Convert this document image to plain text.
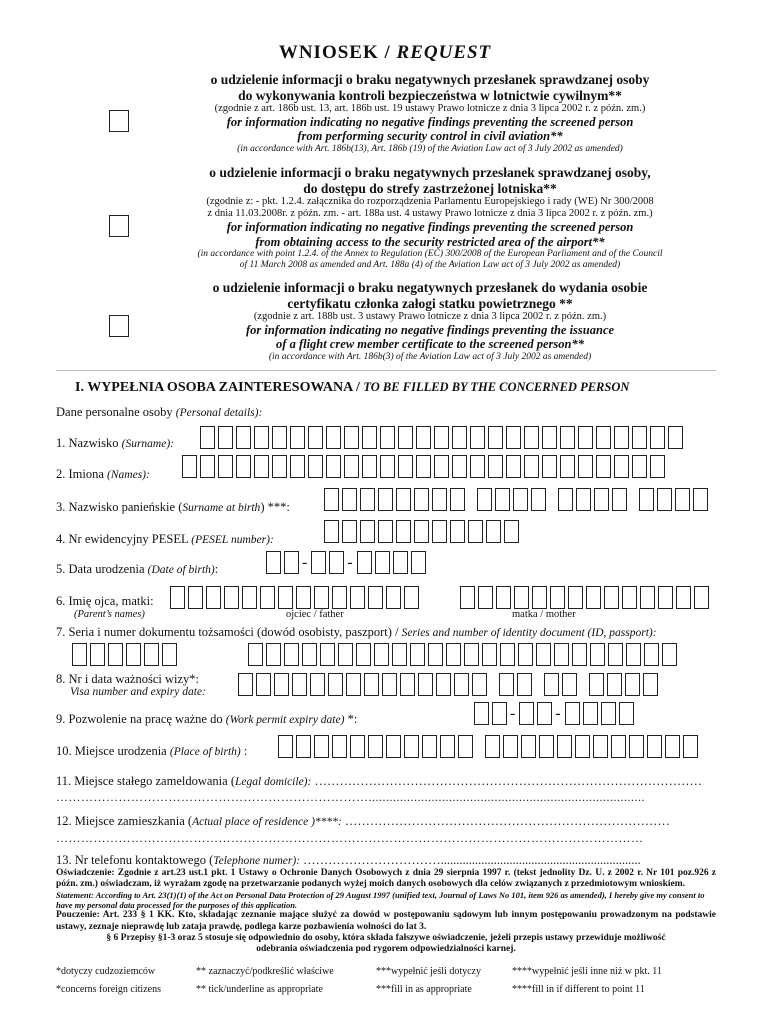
WNIOSEK / REQUEST
o udzielenie informacji o braku negatywnych przesłanek sprawdzanej osoby
do wykonywania kontroli bezpieczeństwa w lotnictwie cywilnym**
(zgodnie z art. 186b ust. 13, art. 186b ust. 19 ustawy Prawo lotnicze z dnia 3 lipca 2002 r. z późn. zm.)
for information indicating no negative findings preventing the screened person
from performing security control in civil aviation**
(in accordance with Art. 186b(13), Art. 186b (19) of the Aviation Law act of 3 July 2002 as amended)
o udzielenie informacji o braku negatywnych przesłanek sprawdzanej osoby,
do dostępu do strefy zastrzeżonej lotniska**
(zgodnie z: - pkt. 1.2.4. załącznika do rozporządzenia Parlamentu Europejskiego i rady (WE) Nr 300/2008
z dnia 11.03.2008r. z późn. zm. - art. 188a ust. 4 ustawy Prawo lotnicze z dnia 3 lipca 2002 r. z późn. zm.)
for information indicating no negative findings preventing the screened person
from obtaining access to the security restricted area of the airport**
(in accordance with point 1.2.4. of the Annex to Regulation (EC) 300/2008 of the European Parliament and of the Council
of 11 March 2008 as amended and Art. 188a (4) of the Aviation Law act of 3 July 2002 as amended)
o udzielenie informacji o braku negatywnych przesłanek do wydania osobie
certyfikatu członka załogi statku powietrznego **
(zgodnie z art. 188b ust. 3 ustawy Prawo lotnicze z dnia 3 lipca 2002 r. z późn. zm.)
for information indicating no negative findings preventing the issuance
of a flight crew member certificate to the screened person**
(in accordance with Art. 186b(3) of the Aviation Law act of 3 July 2002 as amended)
I. WYPEŁNIA OSOBA ZAINTERESOWANA / TO BE FILLED BY THE CONCERNED PERSON
Dane personalne osoby (Personal details):
1. Nazwisko (Surname):
2. Imiona (Names):
3. Nazwisko panieńskie (Surname at birth) ***:
4. Nr ewidencyjny PESEL (PESEL number):
5. Data urodzenia (Date of birth):	-	-
6. Imię ojca, matki:
(Parent’s names)	ojciec / father	matka / mother
7. Seria i numer dokumentu tożsamości (dowód osobisty, paszport) / Series and number of identity document (ID, passport):
8. Nr i data ważności wizy*:
Visa number and expiry date:
9. Pozwolenie na pracę ważne do (Work permit expiry date) *:	-	-
10. Miejsce urodzenia (Place of birth) :
11. Miejsce stałego zameldowania (Legal domicile): …………………………………………………………………………………
…………………………………………………………………...............................................................................
12. Miejsce zamieszkania (Actual place of residence )****: ……………………………………………………………………
……………………………………………………………………………………………………………………………
13. Nr telefonu kontaktowego (Telephone numer): ……………………………................................................................
Oświadczenie: Zgodnie z art.23 ust.1 pkt. 1 Ustawy o Ochronie Danych Osobowych z dnia 29 sierpnia 1997 r. (tekst jednolity Dz. U. z 2002 r. Nr 101 poz.926 z późn. zm.) oświadczam, iż wyrażam zgodę na przetwarzanie podanych wyżej moich danych osobowych dla celów związanych z przedmiotowym wnioskiem.
Statement: According to Art. 23(1)(1) of the Act on Personal Data Protection of 29 August 1997 (unified text, Journal of Laws No 101, item 926 as amended), I hereby give my consent to have my personal data processed for the purposes of this application.
Pouczenie: Art. 233 § 1 KK. Kto, składając zeznanie mające służyć za dowód w postępowaniu sądowym lub innym postępowaniu prowadzonym na podstawie ustawy, zeznaje nieprawdę lub zataja prawdę, podlega karze pozbawienia wolności do lat 3.
§ 6 Przepisy §1-3 oraz 5 stosuje się odpowiednio do osoby, która składa fałszywe oświadczenie, jeżeli przepis ustawy przewiduje możliwość odebrania oświadczenia pod rygorem odpowiedzialności karnej.
*dotyczy cudzoziemców	** zaznaczyć/podkreślić właściwe	***wypełnić jeśli dotyczy	****wypełnić jeśli inne niż w pkt. 11
*concerns foreign citizens	** tick/underline as appropriate	***fill in as appropriate	****fill in if different to point 11
